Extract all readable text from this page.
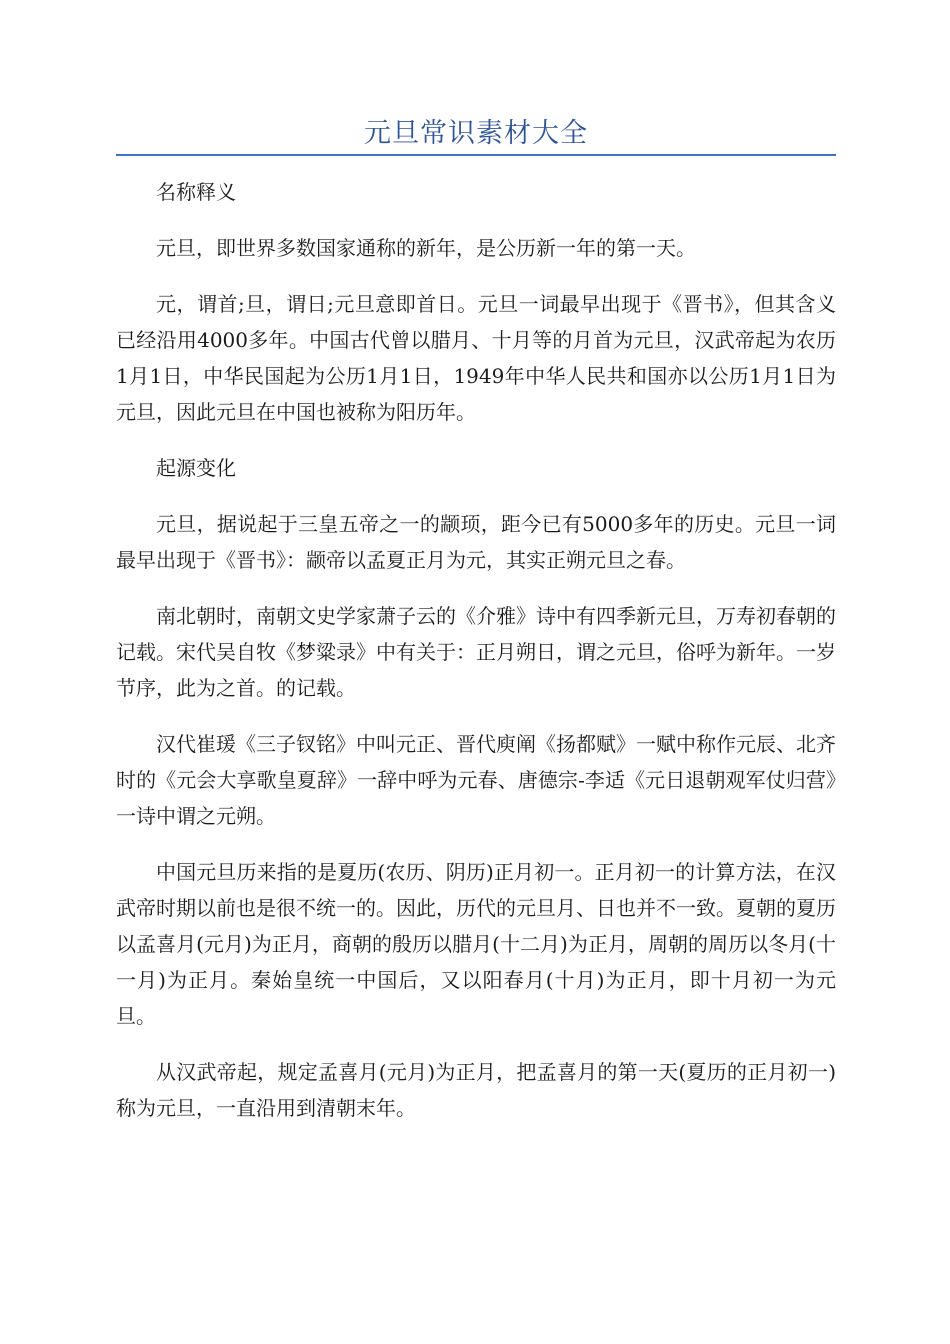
元旦常识素材大全

名称释义

元旦，即世界多数国家通称的新年，是公历新一年的第一天。

元，谓首;旦，谓日;元旦意即首日。元旦一词最早出现于《晋书》，但其含义已经沿用4000多年。中国古代曾以腊月、十月等的月首为元旦，汉武帝起为农历1月1日，中华民国起为公历1月1日，1949年中华人民共和国亦以公历1月1日为元旦，因此元旦在中国也被称为阳历年。

起源变化

元旦，据说起于三皇五帝之一的颛顼，距今已有5000多年的历史。元旦一词最早出现于《晋书》：颛帝以孟夏正月为元，其实正朔元旦之春。

南北朝时，南朝文史学家萧子云的《介雅》诗中有四季新元旦，万寿初春朝的记载。宋代吴自牧《梦粱录》中有关于：正月朔日，谓之元旦，俗呼为新年。一岁节序，此为之首。的记载。

汉代崔瑗《三子钗铭》中叫元正、晋代庾阐《扬都赋》一赋中称作元辰、北齐时的《元会大享歌皇夏辞》一辞中呼为元春、唐德宗-李适《元日退朝观军仗归营》一诗中谓之元朔。

中国元旦历来指的是夏历(农历、阴历)正月初一。正月初一的计算方法，在汉武帝时期以前也是很不统一的。因此，历代的元旦月、日也并不一致。夏朝的夏历以孟喜月(元月)为正月，商朝的殷历以腊月(十二月)为正月，周朝的周历以冬月(十一月)为正月。秦始皇统一中国后，又以阳春月(十月)为正月，即十月初一为元旦。

从汉武帝起，规定孟喜月(元月)为正月，把孟喜月的第一天(夏历的正月初一)称为元旦，一直沿用到清朝末年。
